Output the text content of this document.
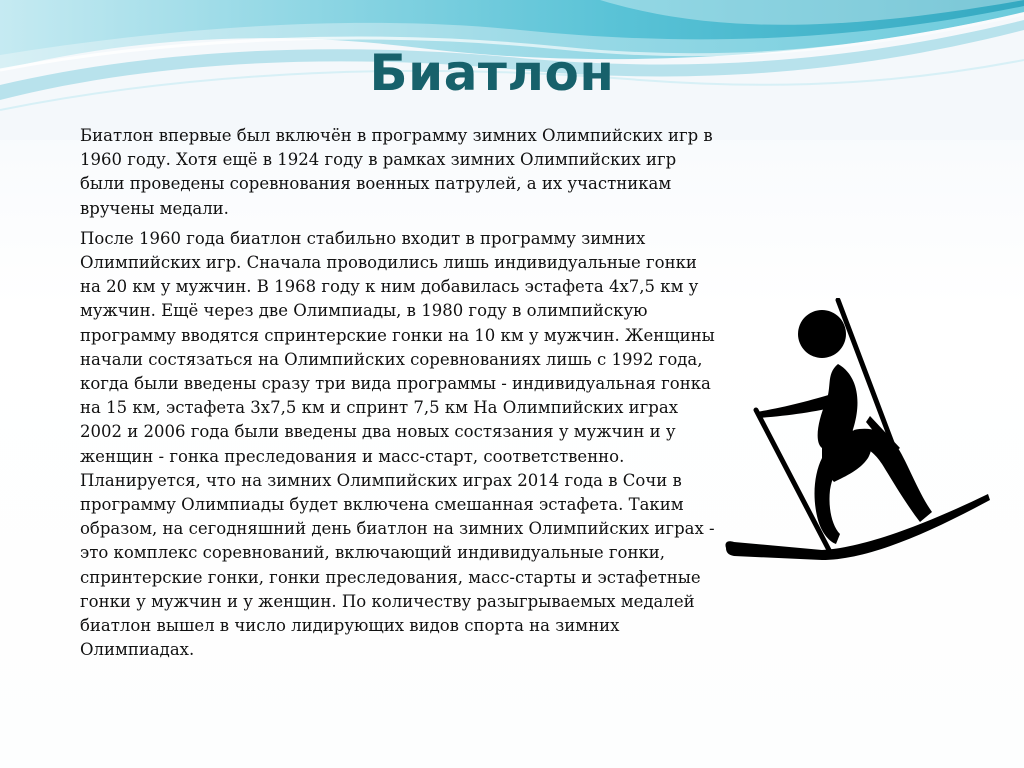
Биатлон

Биатлон впервые был включён в программу зимних Олимпийских игр в 1960 году. Хотя ещё в 1924 году в рамках зимних Олимпийских игр были проведены соревнования военных патрулей, а их участникам вручены медали.

После 1960 года биатлон стабильно входит в программу зимних Олимпийских игр. Сначала проводились лишь индивидуальные гонки на 20 км у мужчин. В 1968 году к ним добавилась эстафета 4х7,5 км у мужчин. Ещё через две Олимпиады, в 1980 году в олимпийскую программу вводятся спринтерские гонки на 10 км у мужчин. Женщины начали состязаться на Олимпийских соревнованиях лишь с 1992 года, когда были введены сразу три вида программы - индивидуальная гонка на 15 км, эстафета 3х7,5 км и спринт 7,5 км На Олимпийских играх 2002 и 2006 года были введены два новых состязания у мужчин и у женщин - гонка преследования и масс-старт, соответственно. Планируется, что на зимних Олимпийских играх 2014 года в Сочи в программу Олимпиады будет включена смешанная эстафета. Таким образом, на сегодняшний день биатлон на зимних Олимпийских играх - это комплекс соревнований, включающий индивидуальные гонки, спринтерские гонки, гонки преследования, масс-старты и эстафетные гонки у мужчин и у женщин. По количеству разыгрываемых медалей биатлон вышел в число лидирующих видов спорта на зимних Олимпиадах.
